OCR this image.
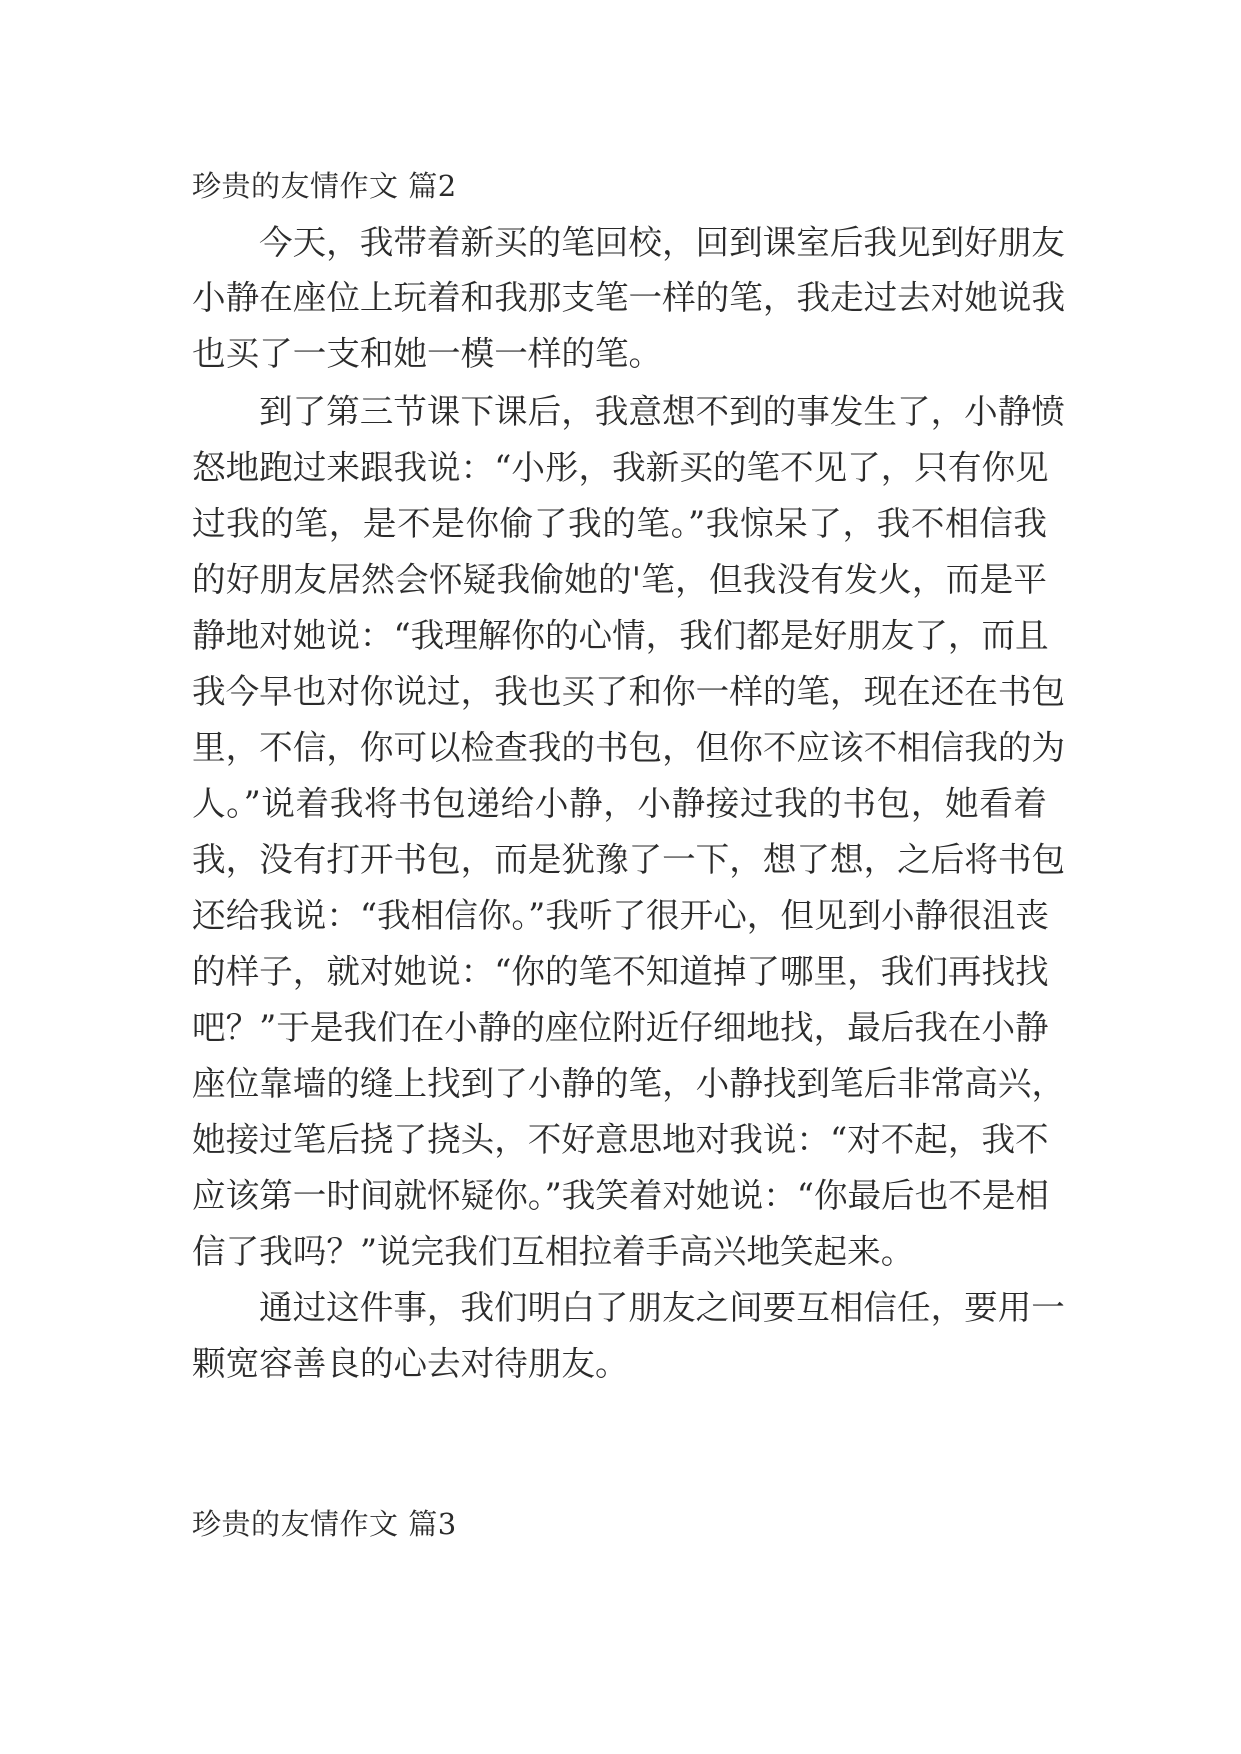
珍贵的友情作文 篇2
今天，我带着新买的笔回校，回到课室后我见到好朋友
小静在座位上玩着和我那支笔一样的笔，我走过去对她说我
也买了一支和她一模一样的笔。
到了第三节课下课后，我意想不到的事发生了，小静愤
怒地跑过来跟我说：“小彤，我新买的笔不见了，只有你见
过我的笔，是不是你偷了我的笔。”我惊呆了，我不相信我
的好朋友居然会怀疑我偷她的'笔，但我没有发火，而是平
静地对她说：“我理解你的心情，我们都是好朋友了，而且
我今早也对你说过，我也买了和你一样的笔，现在还在书包
里，不信，你可以检查我的书包，但你不应该不相信我的为
人。”说着我将书包递给小静，小静接过我的书包，她看着
我，没有打开书包，而是犹豫了一下，想了想，之后将书包
还给我说：“我相信你。”我听了很开心，但见到小静很沮丧
的样子，就对她说：“你的笔不知道掉了哪里，我们再找找
吧？”于是我们在小静的座位附近仔细地找，最后我在小静
座位靠墙的缝上找到了小静的笔，小静找到笔后非常高兴，
她接过笔后挠了挠头，不好意思地对我说：“对不起，我不
应该第一时间就怀疑你。”我笑着对她说：“你最后也不是相
信了我吗？”说完我们互相拉着手高兴地笑起来。
通过这件事，我们明白了朋友之间要互相信任，要用一
颗宽容善良的心去对待朋友。
珍贵的友情作文 篇3
